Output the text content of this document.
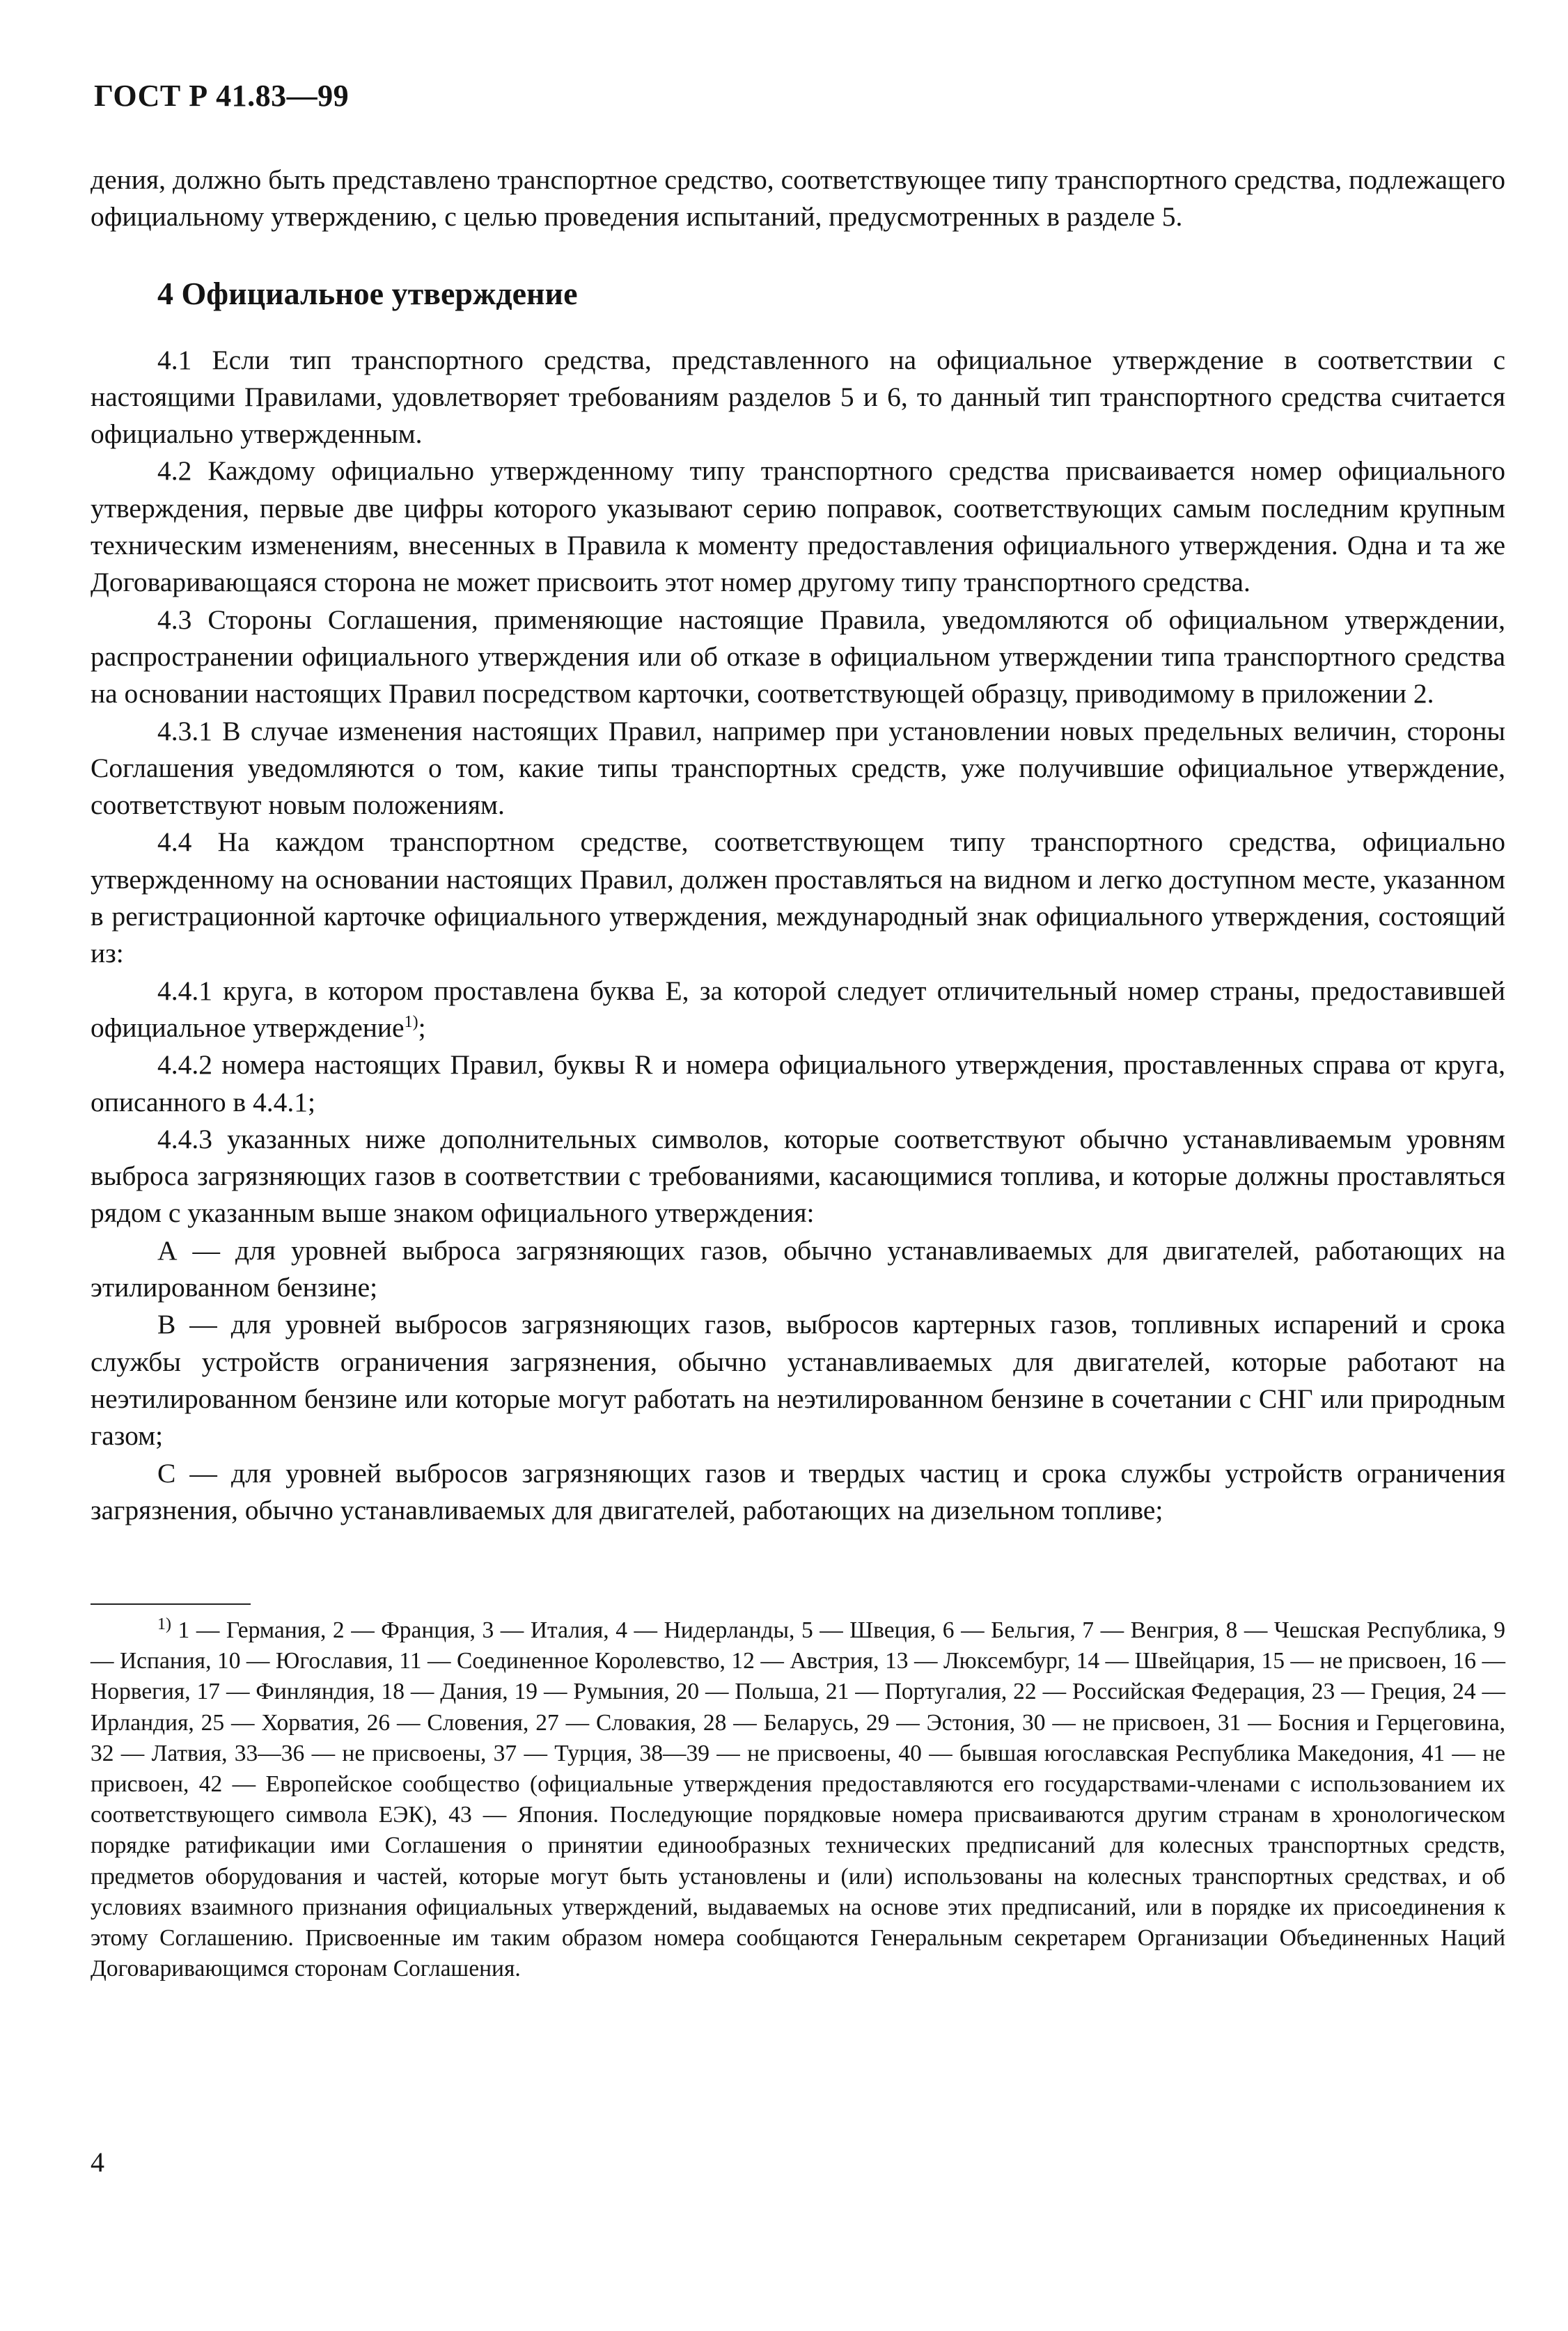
ГОСТ Р 41.83—99

дения, должно быть представлено транспортное средство, соответствующее типу транспортного средства, подлежащего официальному утверждению, с целью проведения испытаний, предусмотренных в разделе 5.

4 Официальное утверждение

4.1 Если тип транспортного средства, представленного на официальное утверждение в соответствии с настоящими Правилами, удовлетворяет требованиям разделов 5 и 6, то данный тип транспортного средства считается официально утвержденным.

4.2 Каждому официально утвержденному типу транспортного средства присваивается номер официального утверждения, первые две цифры которого указывают серию поправок, соответствующих самым последним крупным техническим изменениям, внесенных в Правила к моменту предоставления официального утверждения. Одна и та же Договаривающаяся сторона не может присвоить этот номер другому типу транспортного средства.

4.3 Стороны Соглашения, применяющие настоящие Правила, уведомляются об официальном утверждении, распространении официального утверждения или об отказе в официальном утверждении типа транспортного средства на основании настоящих Правил посредством карточки, соответствующей образцу, приводимому в приложении 2.

4.3.1 В случае изменения настоящих Правил, например при установлении новых предельных величин, стороны Соглашения уведомляются о том, какие типы транспортных средств, уже получившие официальное утверждение, соответствуют новым положениям.

4.4 На каждом транспортном средстве, соответствующем типу транспортного средства, официально утвержденному на основании настоящих Правил, должен проставляться на видном и легко доступном месте, указанном в регистрационной карточке официального утверждения, международный знак официального утверждения, состоящий из:

4.4.1 круга, в котором проставлена буква E, за которой следует отличительный номер страны, предоставившей официальное утверждение$^{1)}$;

4.4.2 номера настоящих Правил, буквы R и номера официального утверждения, проставленных справа от круга, описанного в 4.4.1;

4.4.3 указанных ниже дополнительных символов, которые соответствуют обычно устанавливаемым уровням выброса загрязняющих газов в соответствии с требованиями, касающимися топлива, и которые должны проставляться рядом с указанным выше знаком официального утверждения:

А — для уровней выброса загрязняющих газов, обычно устанавливаемых для двигателей, работающих на этилированном бензине;

В — для уровней выбросов загрязняющих газов, выбросов картерных газов, топливных испарений и срока службы устройств ограничения загрязнения, обычно устанавливаемых для двигателей, которые работают на неэтилированном бензине или которые могут работать на неэтилированном бензине в сочетании с СНГ или природным газом;

С — для уровней выбросов загрязняющих газов и твердых частиц и срока службы устройств ограничения загрязнения, обычно устанавливаемых для двигателей, работающих на дизельном топливе;

$^{1)}$ 1 — Германия, 2 — Франция, 3 — Италия, 4 — Нидерланды, 5 — Швеция, 6 — Бельгия, 7 — Венгрия, 8 — Чешская Республика, 9 — Испания, 10 — Югославия, 11 — Соединенное Королевство, 12 — Австрия, 13 — Люксембург, 14 — Швейцария, 15 — не присвоен, 16 — Норвегия, 17 — Финляндия, 18 — Дания, 19 — Румыния, 20 — Польша, 21 — Португалия, 22 — Российская Федерация, 23 — Греция, 24 — Ирландия, 25 — Хорватия, 26 — Словения, 27 — Словакия, 28 — Беларусь, 29 — Эстония, 30 — не присвоен, 31 — Босния и Герцеговина, 32 — Латвия, 33—36 — не присвоены, 37 — Турция, 38—39 — не присвоены, 40 — бывшая югославская Республика Македония, 41 — не присвоен, 42 — Европейское сообщество (официальные утверждения предоставляются его государствами-членами с использованием их соответствующего символа ЕЭК), 43 — Япония. Последующие порядковые номера присваиваются другим странам в хронологическом порядке ратификации ими Соглашения о принятии единообразных технических предписаний для колесных транспортных средств, предметов оборудования и частей, которые могут быть установлены и (или) использованы на колесных транспортных средствах, и об условиях взаимного признания официальных утверждений, выдаваемых на основе этих предписаний, или в порядке их присоединения к этому Соглашению. Присвоенные им таким образом номера сообщаются Генеральным секретарем Организации Объединенных Наций Договаривающимся сторонам Соглашения.

4
